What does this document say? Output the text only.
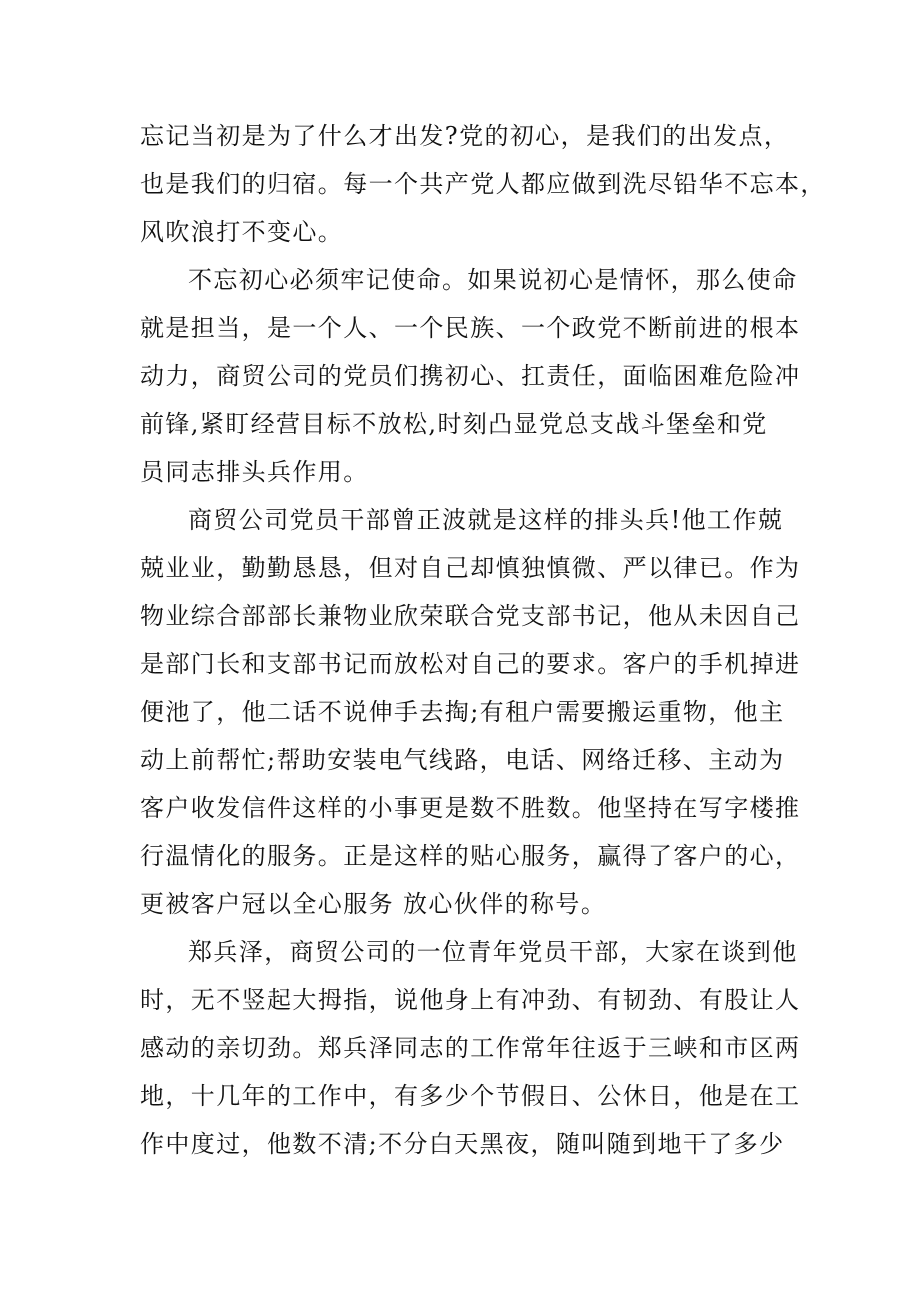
忘记当初是为了什么才出发?党的初心，是我们的出发点，
也是我们的归宿。每一个共产党人都应做到洗尽铅华不忘本，
风吹浪打不变心。
不忘初心必须牢记使命。如果说初心是情怀，那么使命
就是担当，是一个人、一个民族、一个政党不断前进的根本
动力，商贸公司的党员们携初心、扛责任，面临困难危险冲
前锋,紧盯经营目标不放松,时刻凸显党总支战斗堡垒和党
员同志排头兵作用。
商贸公司党员干部曾正波就是这样的排头兵!他工作兢
兢业业，勤勤恳恳，但对自己却慎独慎微、严以律已。作为
物业综合部部长兼物业欣荣联合党支部书记，他从未因自己
是部门长和支部书记而放松对自己的要求。客户的手机掉进
便池了，他二话不说伸手去掏;有租户需要搬运重物，他主
动上前帮忙;帮助安装电气线路，电话、网络迁移、主动为
客户收发信件这样的小事更是数不胜数。他坚持在写字楼推
行温情化的服务。正是这样的贴心服务，赢得了客户的心，
更被客户冠以全心服务 放心伙伴的称号。
郑兵泽，商贸公司的一位青年党员干部，大家在谈到他
时，无不竖起大拇指，说他身上有冲劲、有韧劲、有股让人
感动的亲切劲。郑兵泽同志的工作常年往返于三峡和市区两
地，十几年的工作中，有多少个节假日、公休日，他是在工
作中度过，他数不清;不分白天黑夜，随叫随到地干了多少
